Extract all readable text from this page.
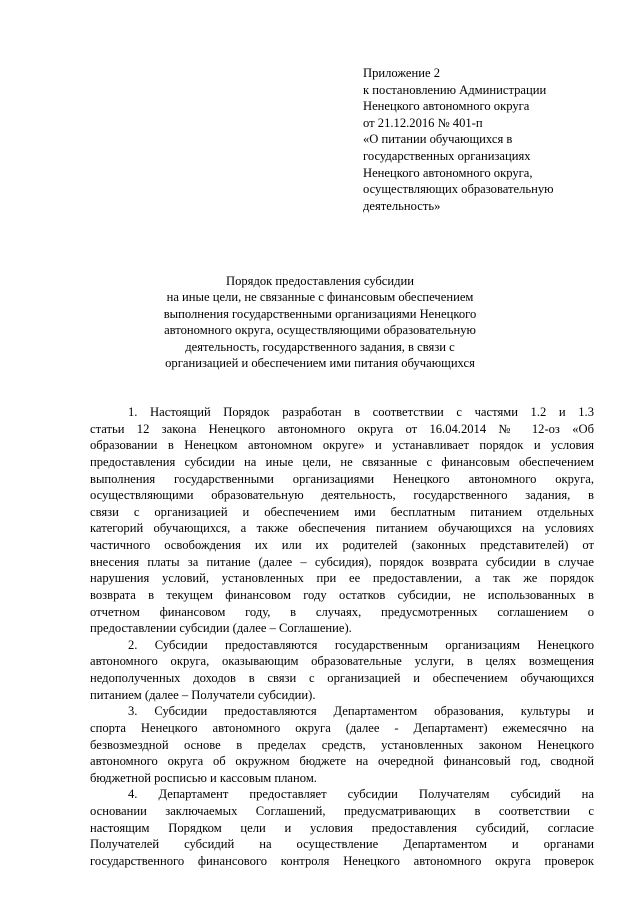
Приложение 2
к постановлению Администрации
Ненецкого автономного округа
от 21.12.2016 № 401-п
«О питании обучающихся в
государственных организациях
Ненецкого автономного округа,
осуществляющих образовательную
деятельность»
Порядок предоставления субсидии
на иные цели, не связанные с финансовым обеспечением
выполнения государственными организациями Ненецкого
автономного округа, осуществляющими образовательную
деятельность, государственного задания, в связи с
организацией и обеспечением ими питания обучающихся
1. Настоящий Порядок разработан в соответствии с частями 1.2 и 1.3
статьи 12 закона Ненецкого автономного округа от 16.04.2014 № 12-оз «Об
образовании в Ненецком автономном округе» и устанавливает порядок и условия
предоставления субсидии на иные цели, не связанные с финансовым обеспечением
выполнения государственными организациями Ненецкого автономного округа,
осуществляющими образовательную деятельность, государственного задания, в
связи с организацией и обеспечением ими бесплатным питанием отдельных
категорий обучающихся, а также обеспечения питанием обучающихся на условиях
частичного освобождения их или их родителей (законных представителей) от
внесения платы за питание (далее – субсидия), порядок возврата субсидии в случае
нарушения условий, установленных при ее предоставлении, а так же порядок
возврата в текущем финансовом году остатков субсидии, не использованных в
отчетном финансовом году, в случаях, предусмотренных соглашением о
предоставлении субсидии (далее – Соглашение).
2. Субсидии предоставляются государственным организациям Ненецкого
автономного округа, оказывающим образовательные услуги, в целях возмещения
недополученных доходов в связи с организацией и обеспечением обучающихся
питанием (далее – Получатели субсидии).
3. Субсидии предоставляются Департаментом образования, культуры и
спорта Ненецкого автономного округа (далее - Департамент) ежемесячно на
безвозмездной основе в пределах средств, установленных законом Ненецкого
автономного округа об окружном бюджете на очередной финансовый год, сводной
бюджетной росписью и кассовым планом.
4. Департамент предоставляет субсидии Получателям субсидий на
основании заключаемых Соглашений, предусматривающих в соответствии с
настоящим Порядком цели и условия предоставления субсидий, согласие
Получателей субсидий на осуществление Департаментом и органами
государственного финансового контроля Ненецкого автономного округа проверок
